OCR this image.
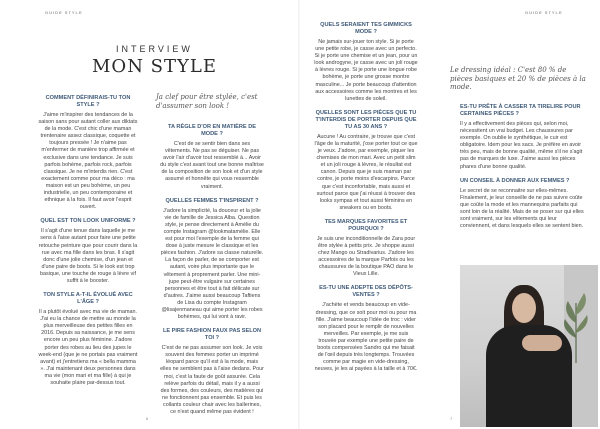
GUIDE STYLE
INTERVIEW
MON STYLE
COMMENT DÉFINIRAIS-TU TON STYLE ?

J'aime m'inspirer des tendances de la saison sans pour autant coller aux diktats de la mode. C'est chic d'une maman trentenaire assez classique, coquette et toujours pressée ! Je n'aime pas m'enfermer de manière trop affirmée et exclusive dans une tendance. Je suis parfois bohème, parfois rock, parfois classique. Je ne m'interdis rien. C'est exactement comme pour ma déco : ma maison est un peu bohème, un peu industrielle, un peu contemporaine et ethnique à la fois. Il faut avoir l'esprit ouvert.

QUEL EST TON LOOK UNIFORME ?

Il s'agit d'une tenue dans laquelle je me sens à l'aise autant pour faire une petite retouche peinture que pour courir dans la rue avec ma fille dans les bras. Il s'agit donc d'une jolie chemise, d'un jean et d'une paire de boots. Si le look est trop basique, une touche de rouge à lèvre vif suffit à le booster.

TON STYLE A-T-IL ÉVOLUÉ AVEC L'ÂGE ?

Il a plutôt évolué avec ma vie de maman. J'ai eu la chance de mettre au monde la plus merveilleuse des petites filles en 2016. Depuis sa naissance, je me sens encore un peu plus féminine. J'adore porter des robes au lieu des jupes le week-end (que je ne portais pas vraiment avant) et j'entretiens ma « bella mamma ». J'ai maintenant deux personnes dans ma vie (mon mari et ma fille) à qui je souhaite plaire par-dessus tout.

Ja clef pour être stylée, c'est d'assumer son look !
TA RÈGLE D'OR EN MATIÈRE DE MODE ?

C'est de se sentir bien dans ses vêtements. Ne pas se déguiser. Ne pas avoir l'air d'avoir tout ressemblé à... Avoir du style c'est avant tout une bonne maîtrise de la composition de son look et d'un style assumé et honnête qui vous ressemble vraiment.

QUELLES FEMMES T'INSPIRENT ?

J'adore la simplicité, la douceur et la jolie vie de famille de Jessica Alba. Question style, je pense directement à Amélie du compte Instagram @lookmatamélie. Elle est pour moi l'exemple de la femme qui dose à juste mesure le classique et les pièces fashion. J'adore sa classe naturelle. La façon de parler, de se comporter est autant, voire plus importante que le vêtement à proprement parler. Une mini-jupe peut-être vulgaire sur certaines personnes et être tout à fait délicate sur d'autres. J'aime aussi beaucoup Taftiens de Lisa du compte Instagram @lisajenmaneau qui aime porter les robes bohèmes, qui lui vont à ravir.

LE PIRE FASHION FAUX PAS SELON TOI ?

C'est de ne pas assumer son look. Je vois souvent des femmes porter un imprimé léopard parce qu'il est à la mode, mais elles ne semblent pas à l'aise dedans. Pour moi, c'est la faute de goût assurée. Cela relève parfois du détail, mais il y a aussi des formes, des couleurs, des matières qui ne fonctionnent pas ensemble. Et puis les collants couleur chair avec les ballerines, ce n'est quand même pas évident !

6
GUIDE STYLE
QUELS SERAIENT TES GIMMICKS MODE ?

Ne jamais sur-jouer ton style. Si je porte une petite robe, je casse avec un perfecto. Si je porte une chemise et un jean, pour un look androgyne, je casse avec un joli rouge à lèvres rouge. Si je porte une longue robe bohème, je porte une grosse montre masculine... Je porte beaucoup d'attention aux accessoires comme les montres et les lunettes de soleil.

QUELLES SONT LES PIÈCES QUE TU T'INTERDIS DE PORTER DEPUIS QUE TU AS 30 ANS ?

Aucune ! Au contraire, je trouve que c'est l'âge de la maturité, j'ose porter tout ce que je veux. J'adore, par exemple, piquer les chemises de mon mari. Avec un petit slim et un joli rouge à lèvres, le résultat est canon. Depuis que je suis maman par contre, je porte moins d'escarpins. Parce que c'est inconfortable, mais aussi et surtout parce que j'ai réussi à trouver des looks sympas et tout aussi féminins en sneakers ou en boots.

TES MARQUES FAVORITES ET POURQUOI ?

Je suis une inconditionnelle de Zara pour être stylée à petits prix. Je shoppe aussi chez Mango ou Stradivarius. J'adore les accessoires de la marque Parfois ou les chaussures de la boutique PAO dans le Vieux Lille.

ES-TU UNE ADEPTE DES DÉPÔTS-VENTES ?

J'achète et vends beaucoup en vide-dressing, que ce soit pour moi ou pour ma fille. J'aime beaucoup l'idée de troc : vider son placard pour le remplir de nouvelles merveilles. Par exemple, je me suis trouvée par exemple une petite paire de boots compensées Sandro qui me faisait de l'œil depuis très longtemps. Trouvées comme par magie en vide-dressing, neuves, je les ai payées à la taille et à 70€.

Le dressing idéal : C'est 80 % de pièces basiques et 20 % de pièces à la mode.
ES-TU PRÊTE À CASSER TA TIRELIRE POUR CERTAINES PIÈCES ?

Il y a effectivement des pièces qui, selon moi, nécessitent un vrai budget. Les chaussures par exemple. On oublie le synthétique, le cuir est obligatoire. Idem pour les sacs. Je préfère en avoir très peu, mais de bonne qualité, même s'il ne s'agit pas de marques de luxe. J'aime aussi les pièces phares d'une bonne qualité.

UN CONSEIL À DONNER AUX FEMMES ?

Le secret de se reconnaitre sur elles-mêmes. Finalement, je leur conseille de ne pas suivre coûte que coûte la mode et les mannequins parfaits qui sont loin de la réalité. Mais de se poser sur qui elles sont vraiment, sur les vêtements qui leur conviennent, et dans lesquels elles se sentent bien.

7
